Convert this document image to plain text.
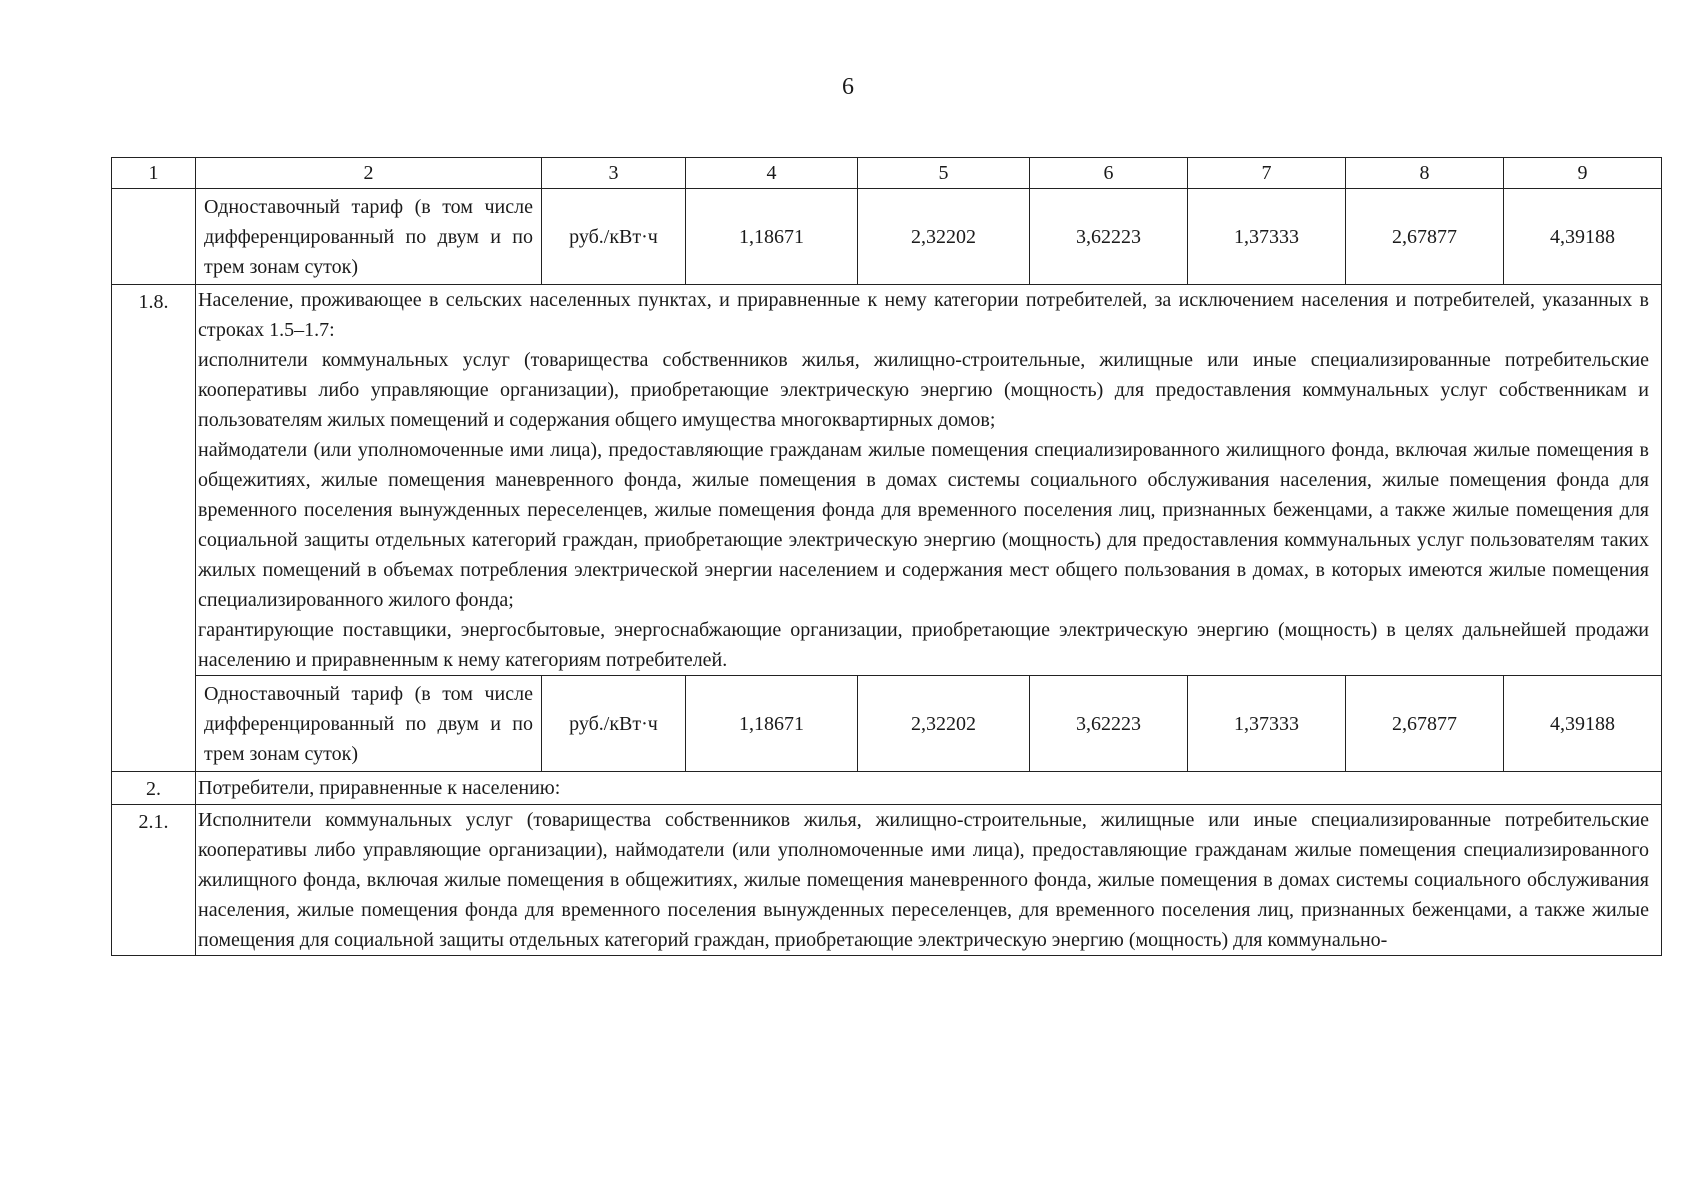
6
1	2	3	4	5	6	7	8	9
	Одноставочный тариф (в том числе дифференцированный по двум и по трем зонам суток)	руб./кВт·ч	1,18671	2,32202	3,62223	1,37333	2,67877	4,39188
1.8.	Население, проживающее в сельских населенных пунктах, и приравненные к нему категории потребителей, за исключением населения и потребителей, указанных в строках 1.5–1.7:

исполнители коммунальных услуг (товарищества собственников жилья, жилищно-строительные, жилищные или иные специализированные потребительские кооперативы либо управляющие организации), приобретающие электрическую энергию (мощность) для предоставления коммунальных услуг собственникам и пользователям жилых помещений и содержания общего имущества многоквартирных домов;

наймодатели (или уполномоченные ими лица), предоставляющие гражданам жилые помещения специализированного жилищного фонда, включая жилые помещения в общежитиях, жилые помещения маневренного фонда, жилые помещения в домах системы социального обслуживания населения, жилые помещения фонда для временного поселения вынужденных переселенцев, жилые помещения фонда для временного поселения лиц, признанных беженцами, а также жилые помещения для социальной защиты отдельных категорий граждан, приобретающие электрическую энергию (мощность) для предоставления коммунальных услуг пользователям таких жилых помещений в объемах потребления электрической энергии населением и содержания мест общего пользования в домах, в которых имеются жилые помещения специализированного жилого фонда;

гарантирующие поставщики, энергосбытовые, энергоснабжающие организации, приобретающие электрическую энергию (мощность) в целях дальнейшей продажи населению и приравненным к нему категориям потребителей.							

	Одноставочный тариф (в том числе дифференцированный по двум и по трем зонам суток)	руб./кВт·ч	1,18671	2,32202	3,62223	1,37333	2,67877	4,39188
2.	Потребители, приравненные к населению:							
2.1.	Исполнители коммунальных услуг (товарищества собственников жилья, жилищно-строительные, жилищные или иные специализированные потребительские кооперативы либо управляющие организации), наймодатели (или уполномоченные ими лица), предоставляющие гражданам жилые помещения специализированного жилищного фонда, включая жилые помещения в общежитиях, жилые помещения маневренного фонда, жилые помещения в домах системы социального обслуживания населения, жилые помещения фонда для временного поселения вынужденных переселенцев, для временного поселения лиц, признанных беженцами, а также жилые помещения для социальной защиты отдельных категорий граждан, приобретающие электрическую энергию (мощность) для коммунально-							
